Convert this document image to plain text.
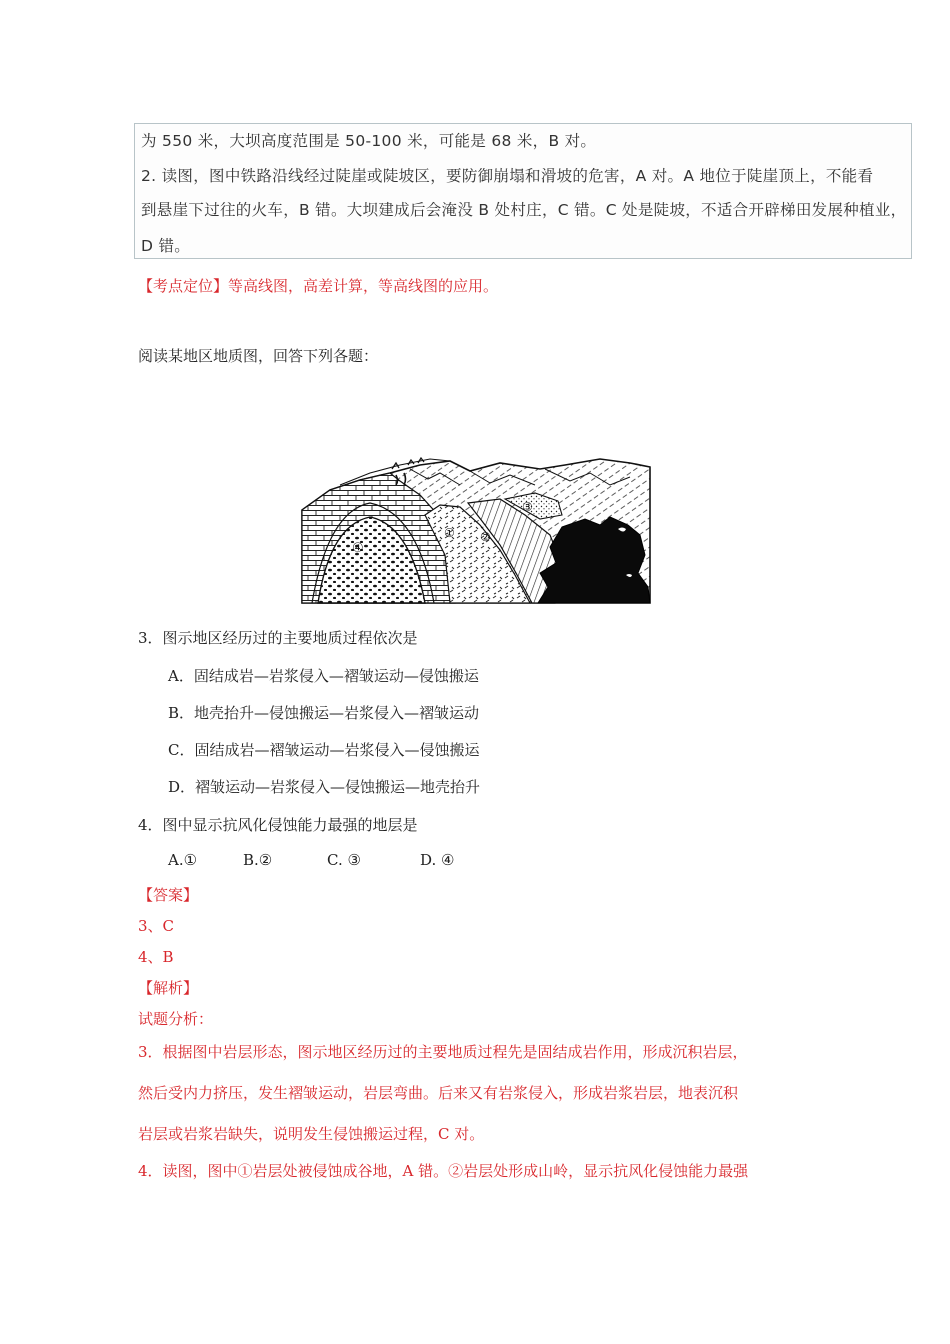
为 550 米，大坝高度范围是 50-100 米，可能是 68 米，B 对。
2. 读图，图中铁路沿线经过陡崖或陡坡区，要防御崩塌和滑坡的危害，A 对。A 地位于陡崖顶上，不能看
到悬崖下过往的火车，B 错。大坝建成后会淹没 B 处村庄，C 错。C 处是陡坡，不适合开辟梯田发展种植业，
D 错。
【考点定位】等高线图，高差计算，等高线图的应用。
阅读某地区地质图，回答下列各题：
① ②
③
④
3．图示地区经历过的主要地质过程依次是
A．固结成岩—岩浆侵入—褶皱运动—侵蚀搬运
B．地壳抬升—侵蚀搬运—岩浆侵入—褶皱运动
C．固结成岩—褶皱运动—岩浆侵入—侵蚀搬运
D．褶皱运动—岩浆侵入—侵蚀搬运—地壳抬升
4．图中显示抗风化侵蚀能力最强的地层是
A.①	B.②	C. ③	D. ④
【答案】
3、C
4、B
【解析】
试题分析：
3．根据图中岩层形态，图示地区经历过的主要地质过程先是固结成岩作用，形成沉积岩层，
然后受内力挤压，发生褶皱运动，岩层弯曲。后来又有岩浆侵入，形成岩浆岩层，地表沉积
岩层或岩浆岩缺失，说明发生侵蚀搬运过程，C 对。
4．读图，图中①岩层处被侵蚀成谷地，A 错。②岩层处形成山岭，显示抗风化侵蚀能力最强
